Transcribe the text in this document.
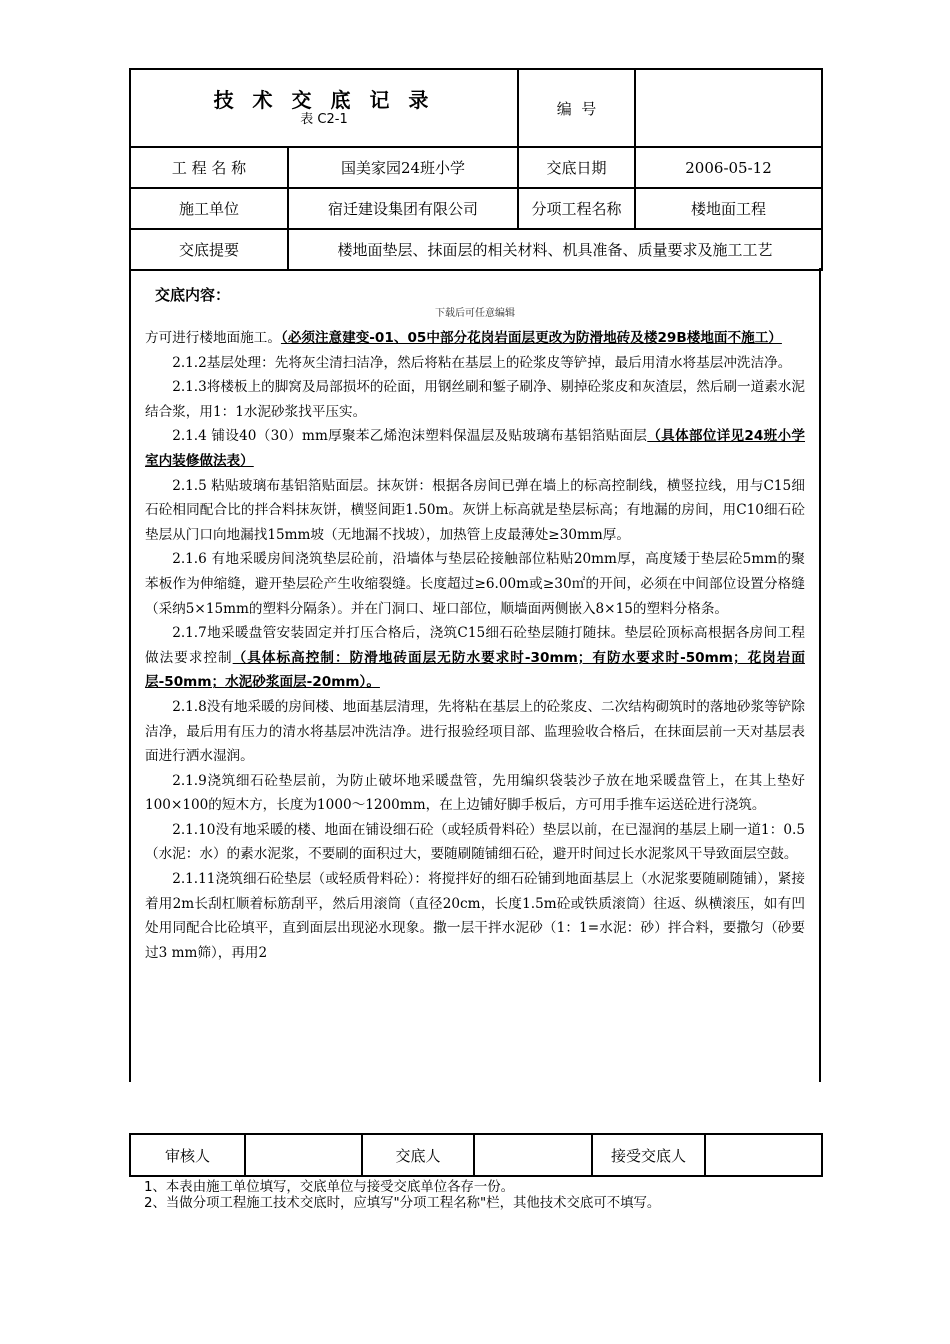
技 术 交 底 记 录
表 C2-1		编  号	
工 程 名 称	国美家园24班小学	交底日期	2006-05-12
施工单位	宿迁建设集团有限公司	分项工程名称	楼地面工程
交底提要	楼地面垫层、抹面层的相关材料、机具准备、质量要求及施工工艺		
交底内容：
下载后可任意编辑

方可进行楼地面施工。（必须注意建变-01、05中部分花岗岩面层更改为防滑地砖及楼29B楼地面不施工）

2.1.2基层处理：先将灰尘清扫洁净，然后将粘在基层上的砼浆皮等铲掉，最后用清水将基层冲洗洁净。

2.1.3将楼板上的脚窝及局部损坏的砼面，用钢丝刷和錾子刷净、剔掉砼浆皮和灰渣层，然后刷一道素水泥结合浆，用1：1水泥砂浆找平压实。

2.1.4 铺设40（30）mm厚聚苯乙烯泡沫塑料保温层及贴玻璃布基铝箔贴面层（具体部位详见24班小学室内装修做法表）

2.1.5 粘贴玻璃布基铝箔贴面层。抹灰饼：根据各房间已弹在墙上的标高控制线，横竖拉线，用与C15细石砼相同配合比的拌合料抹灰饼，横竖间距1.50m。灰饼上标高就是垫层标高；有地漏的房间，用C10细石砼垫层从门口向地漏找15mm坡（无地漏不找坡），加热管上皮最薄处≥30mm厚。

2.1.6 有地采暖房间浇筑垫层砼前，沿墙体与垫层砼接触部位粘贴20mm厚，高度矮于垫层砼5mm的聚苯板作为伸缩缝，避开垫层砼产生收缩裂缝。长度超过≥6.00m或≥30㎡的开间，必须在中间部位设置分格缝（采纳5×15mm的塑料分隔条）。并在门洞口、垭口部位，顺墙面两侧嵌入8×15的塑料分格条。

2.1.7地采暖盘管安装固定并打压合格后，浇筑C15细石砼垫层随打随抹。垫层砼顶标高根据各房间工程做法要求控制（具体标高控制：防滑地砖面层无防水要求时-30mm；有防水要求时-50mm；花岗岩面层-50mm；水泥砂浆面层-20mm）。

2.1.8没有地采暖的房间楼、地面基层清理，先将粘在基层上的砼浆皮、二次结构砌筑时的落地砂浆等铲除洁净，最后用有压力的清水将基层冲洗洁净。进行报验经项目部、监理验收合格后，在抹面层前一天对基层表面进行洒水湿润。

2.1.9浇筑细石砼垫层前，为防止破坏地采暖盘管，先用编织袋装沙子放在地采暖盘管上，在其上垫好100×100的短木方，长度为1000～1200mm，在上边铺好脚手板后，方可用手推车运送砼进行浇筑。

2.1.10没有地采暖的楼、地面在铺设细石砼（或轻质骨料砼）垫层以前，在已湿润的基层上刷一道1：0.5（水泥：水）的素水泥浆，不要刷的面积过大，要随刷随铺细石砼，避开时间过长水泥浆风干导致面层空鼓。

2.1.11浇筑细石砼垫层（或轻质骨料砼）：将搅拌好的细石砼铺到地面基层上（水泥浆要随刷随铺），紧接着用2m长刮杠顺着标筋刮平，然后用滚筒（直径20cm，长度1.5m砼或铁质滚筒）往返、纵横滚压，如有凹处用同配合比砼填平，直到面层出现泌水现象。撒一层干拌水泥砂（1：1=水泥：砂）拌合料，要撒匀（砂要过3 mm筛），再用2

审核人		交底人		接受交底人	
1、本表由施工单位填写，交底单位与接受交底单位各存一份。
2、当做分项工程施工技术交底时，应填写"分项工程名称"栏，其他技术交底可不填写。
